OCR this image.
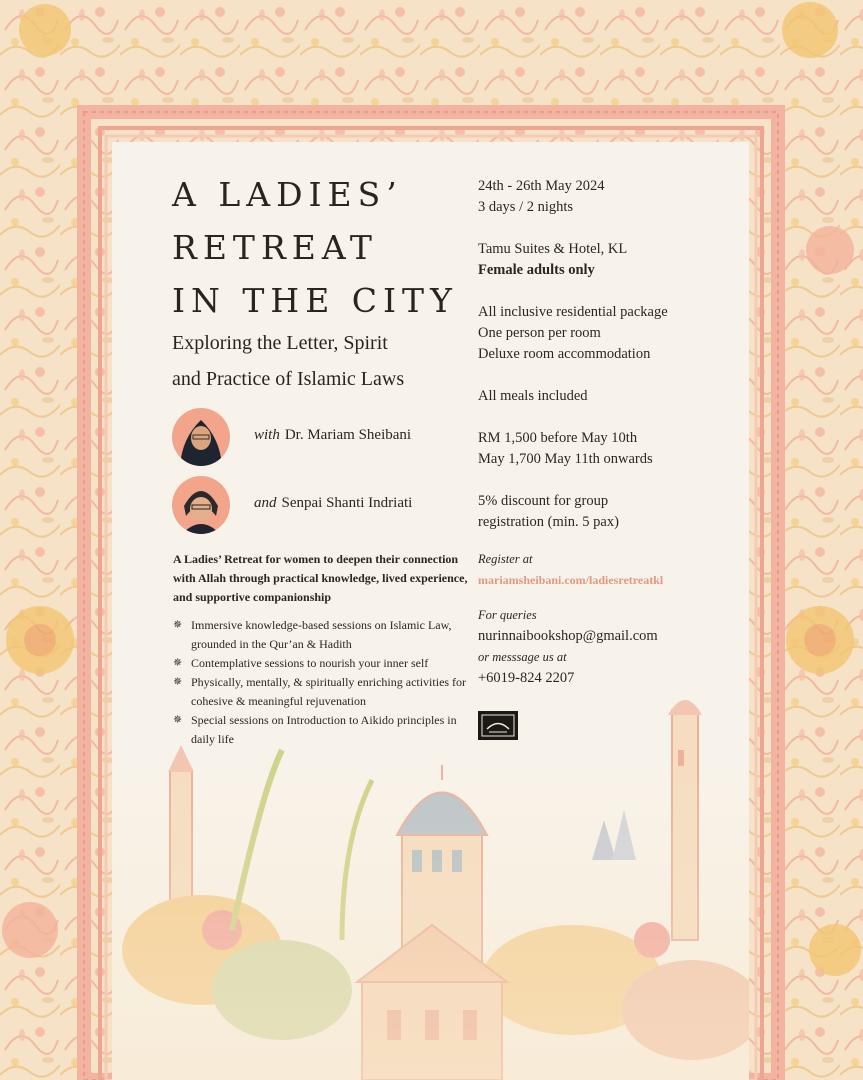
A LADIES’
RETREAT
IN THE CITY
Exploring the Letter, Spirit
and Practice of Islamic Laws
with Dr. Mariam Sheibani
and Senpai Shanti Indriati
A Ladies’ Retreat for women to deepen their connection with Allah through practical knowledge, lived experience, and supportive companionship
✵ Immersive knowledge-based sessions on Islamic Law, grounded in the Qur’an & Hadith
✵ Contemplative sessions to nourish your inner self
✵ Physically, mentally, & spiritually enriching activities for cohesive & meaningful rejuvenation
✵ Special sessions on Introduction to Aikido principles in daily life
24th - 26th May 2024
3 days / 2 nights
Tamu Suites & Hotel, KL
Female adults only
All inclusive residential package
One person per room
Deluxe room accommodation
All meals included
RM 1,500 before May 10th
May 1,700 May 11th onwards
5% discount for group
registration (min. 5 pax)
Register at
mariamsheibani.com/ladiesretreatkl
For queries
nurinnaibookshop@gmail.com
or messsage us at
+6019-824 2207
